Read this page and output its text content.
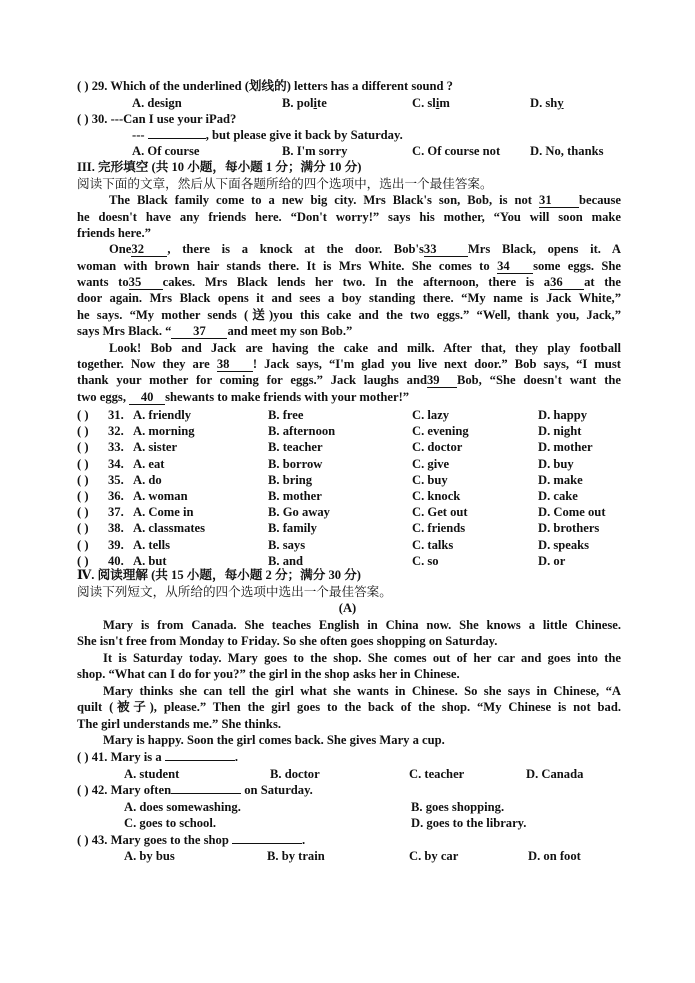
( ) 29. Which of the underlined (划线的) letters has a different sound ?
A. design	B. polite	C. slim	D. shy
( ) 30. ---Can I use your iPad?
---	, but please give it back by Saturday.
A. Of course	B. I'm sorry	C. Of course not D. No, thanks
III. 完形填空 (共 10 小题，每小题 1 分；满分 10 分)
阅读下面的文章，然后从下面各题所给的四个选项中，选出一个最佳答案。
The Black family come to a new big city. Mrs Black's son, Bob, is not 31 because
he doesn't have any friends here. “Don't worry!” says his mother, “You will soon make
friends here.”
One32 , there is a knock at the door. Bob's33 Mrs Black, opens it. A
woman with brown hair stands there. It is Mrs White. She comes to 34 some eggs. She
wants to35 cakes. Mrs Black lends her two. In the afternoon, there is a36 at the
door again. Mrs Black opens it and sees a boy standing there. “My name is Jack White,”
he says. “My mother sends (送)you this cake and the two eggs.” “Well, thank you, Jack,”
says Mrs Black. “ 37 and meet my son Bob.”
Look! Bob and Jack are having the cake and milk. After that, they play football
together. Now they are 38 ! Jack says, “I'm glad you live next door.” Bob says, “I must
thank your mother for coming for eggs.” Jack laughs and39 Bob, “She doesn't want the
two eggs, 40 shewants to make friends with your mother!”
( ) 31. A. friendly	B. free	C. lazy	D. happy
( ) 32. A. morning	B. afternoon	C. evening	D. night
( ) 33. A. sister	B. teacher	C. doctor	D. mother
( ) 34. A. eat	B. borrow	C. give	D. buy
( ) 35. A. do	B. bring	C. buy	D. make
( ) 36. A. woman	B. mother	C. knock	D. cake
( ) 37. A. Come in	B. Go away	C. Get out	D. Come out
( ) 38. A. classmates	B. family	C. friends	D. brothers
( ) 39. A. tells	B. says	C. talks	D. speaks
( ) 40. A. but	B. and	C. so	D. or
Ⅳ. 阅读理解 (共 15 小题，每小题 2 分；满分 30 分)
阅读下列短文，从所给的四个选项中选出一个最佳答案。
(A)
Mary is from Canada. She teaches English in China now. She knows a little Chinese.
She isn't free from Monday to Friday. So she often goes shopping on Saturday.
It is Saturday today. Mary goes to the shop. She comes out of her car and goes into the
shop. “What can I do for you?” the girl in the shop asks her in Chinese.
Mary thinks she can tell the girl what she wants in Chinese. So she says in Chinese, “A
quilt (被子), please.” Then the girl goes to the back of the shop. “My Chinese is not bad.
The girl understands me.” She thinks.
Mary is happy. Soon the girl comes back. She gives Mary a cup.
( ) 41. Mary is a	.
A. student	B. doctor	C. teacher	D. Canada
( ) 42. Mary often	on Saturday.
A. does somewashing.	B. goes shopping.
C. goes to school.	D. goes to the library.
( ) 43. Mary goes to the shop	.
A. by bus	B. by train	C. by car	D. on foot
